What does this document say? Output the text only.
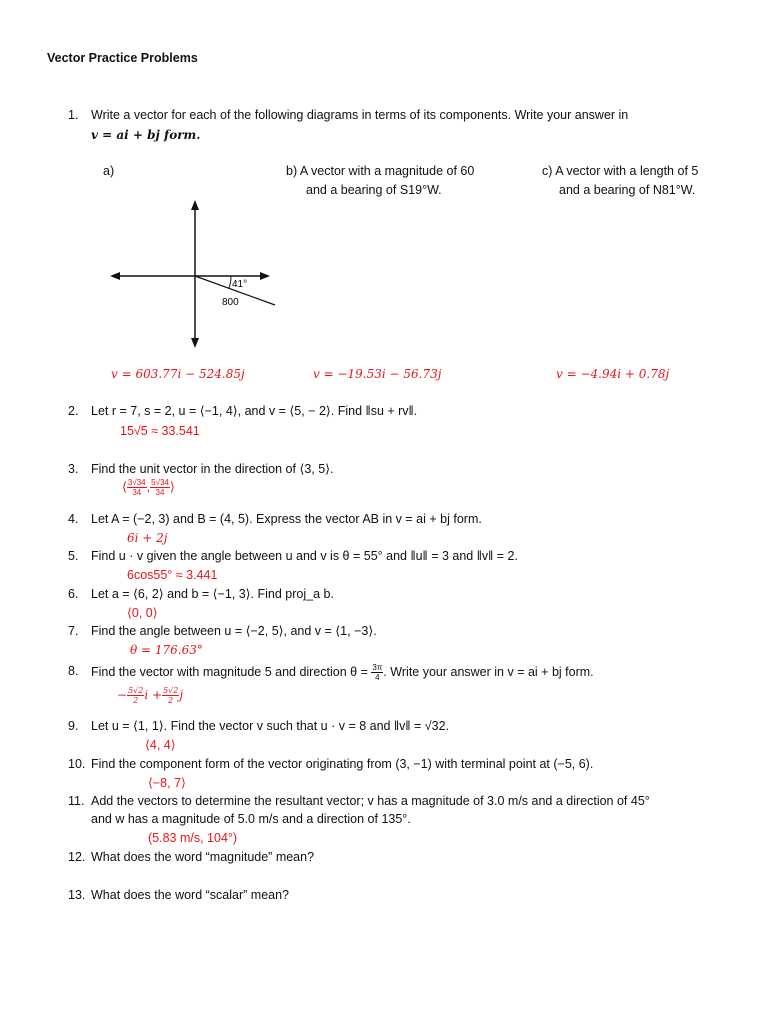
Vector Practice Problems
1. Write a vector for each of the following diagrams in terms of its components. Write your answer in
v = ai + bj form.
a)	b) A vector with a magnitude of 60
and a bearing of S19°W.
c) A vector with a length of 5
and a bearing of N81°W.
41°
800
v = 603.77i − 524.85j	v = −19.53i − 56.73j	v = −4.94i + 0.78j
2. Let r = 7, s = 2, u = ⟨−1, 4⟩, and v = ⟨5, − 2⟩. Find ‖su + rv‖.
15√5 ≈ 33.541
3. Find the unit vector in the direction of ⟨3, 5⟩.
⟨ $\frac{3√34}{34}$ , $\frac{5√34}{34}$ ⟩
4. Let A = (−2, 3) and B = (4, 5). Express the vector AB in v = ai + bj form.
6i + 2j
5. Find u · v given the angle between u and v is θ = 55° and ‖u‖ = 3 and ‖v‖ = 2.
6cos55° ≈ 3.441
6. Let a = ⟨6, 2⟩ and b = ⟨−1, 3⟩. Find proj_a b.
⟨0, 0⟩
7. Find the angle between u = ⟨−2, 5⟩, and v = ⟨1, −3⟩.
θ = 176.63°
8. Find the vector with magnitude 5 and direction $\theta = \frac{3\pi}{4}$ . Write your answer in v = ai + bj form.
− $\frac{5√2}{2}$ $i + \frac{5√2}{2}$ j
9. Let u = ⟨1, 1⟩. Find the vector v such that u · v = 8 and ‖v‖ = √32.
⟨4, 4⟩
10. Find the component form of the vector originating from (3, −1) with terminal point at (−5, 6).
⟨−8, 7⟩
11. Add the vectors to determine the resultant vector; v has a magnitude of 3.0 m/s and a direction of 45°
and w has a magnitude of 5.0 m/s and a direction of 135°.
(5.83 m/s, 104°)
12. What does the word “magnitude” mean?
13. What does the word “scalar” mean?
